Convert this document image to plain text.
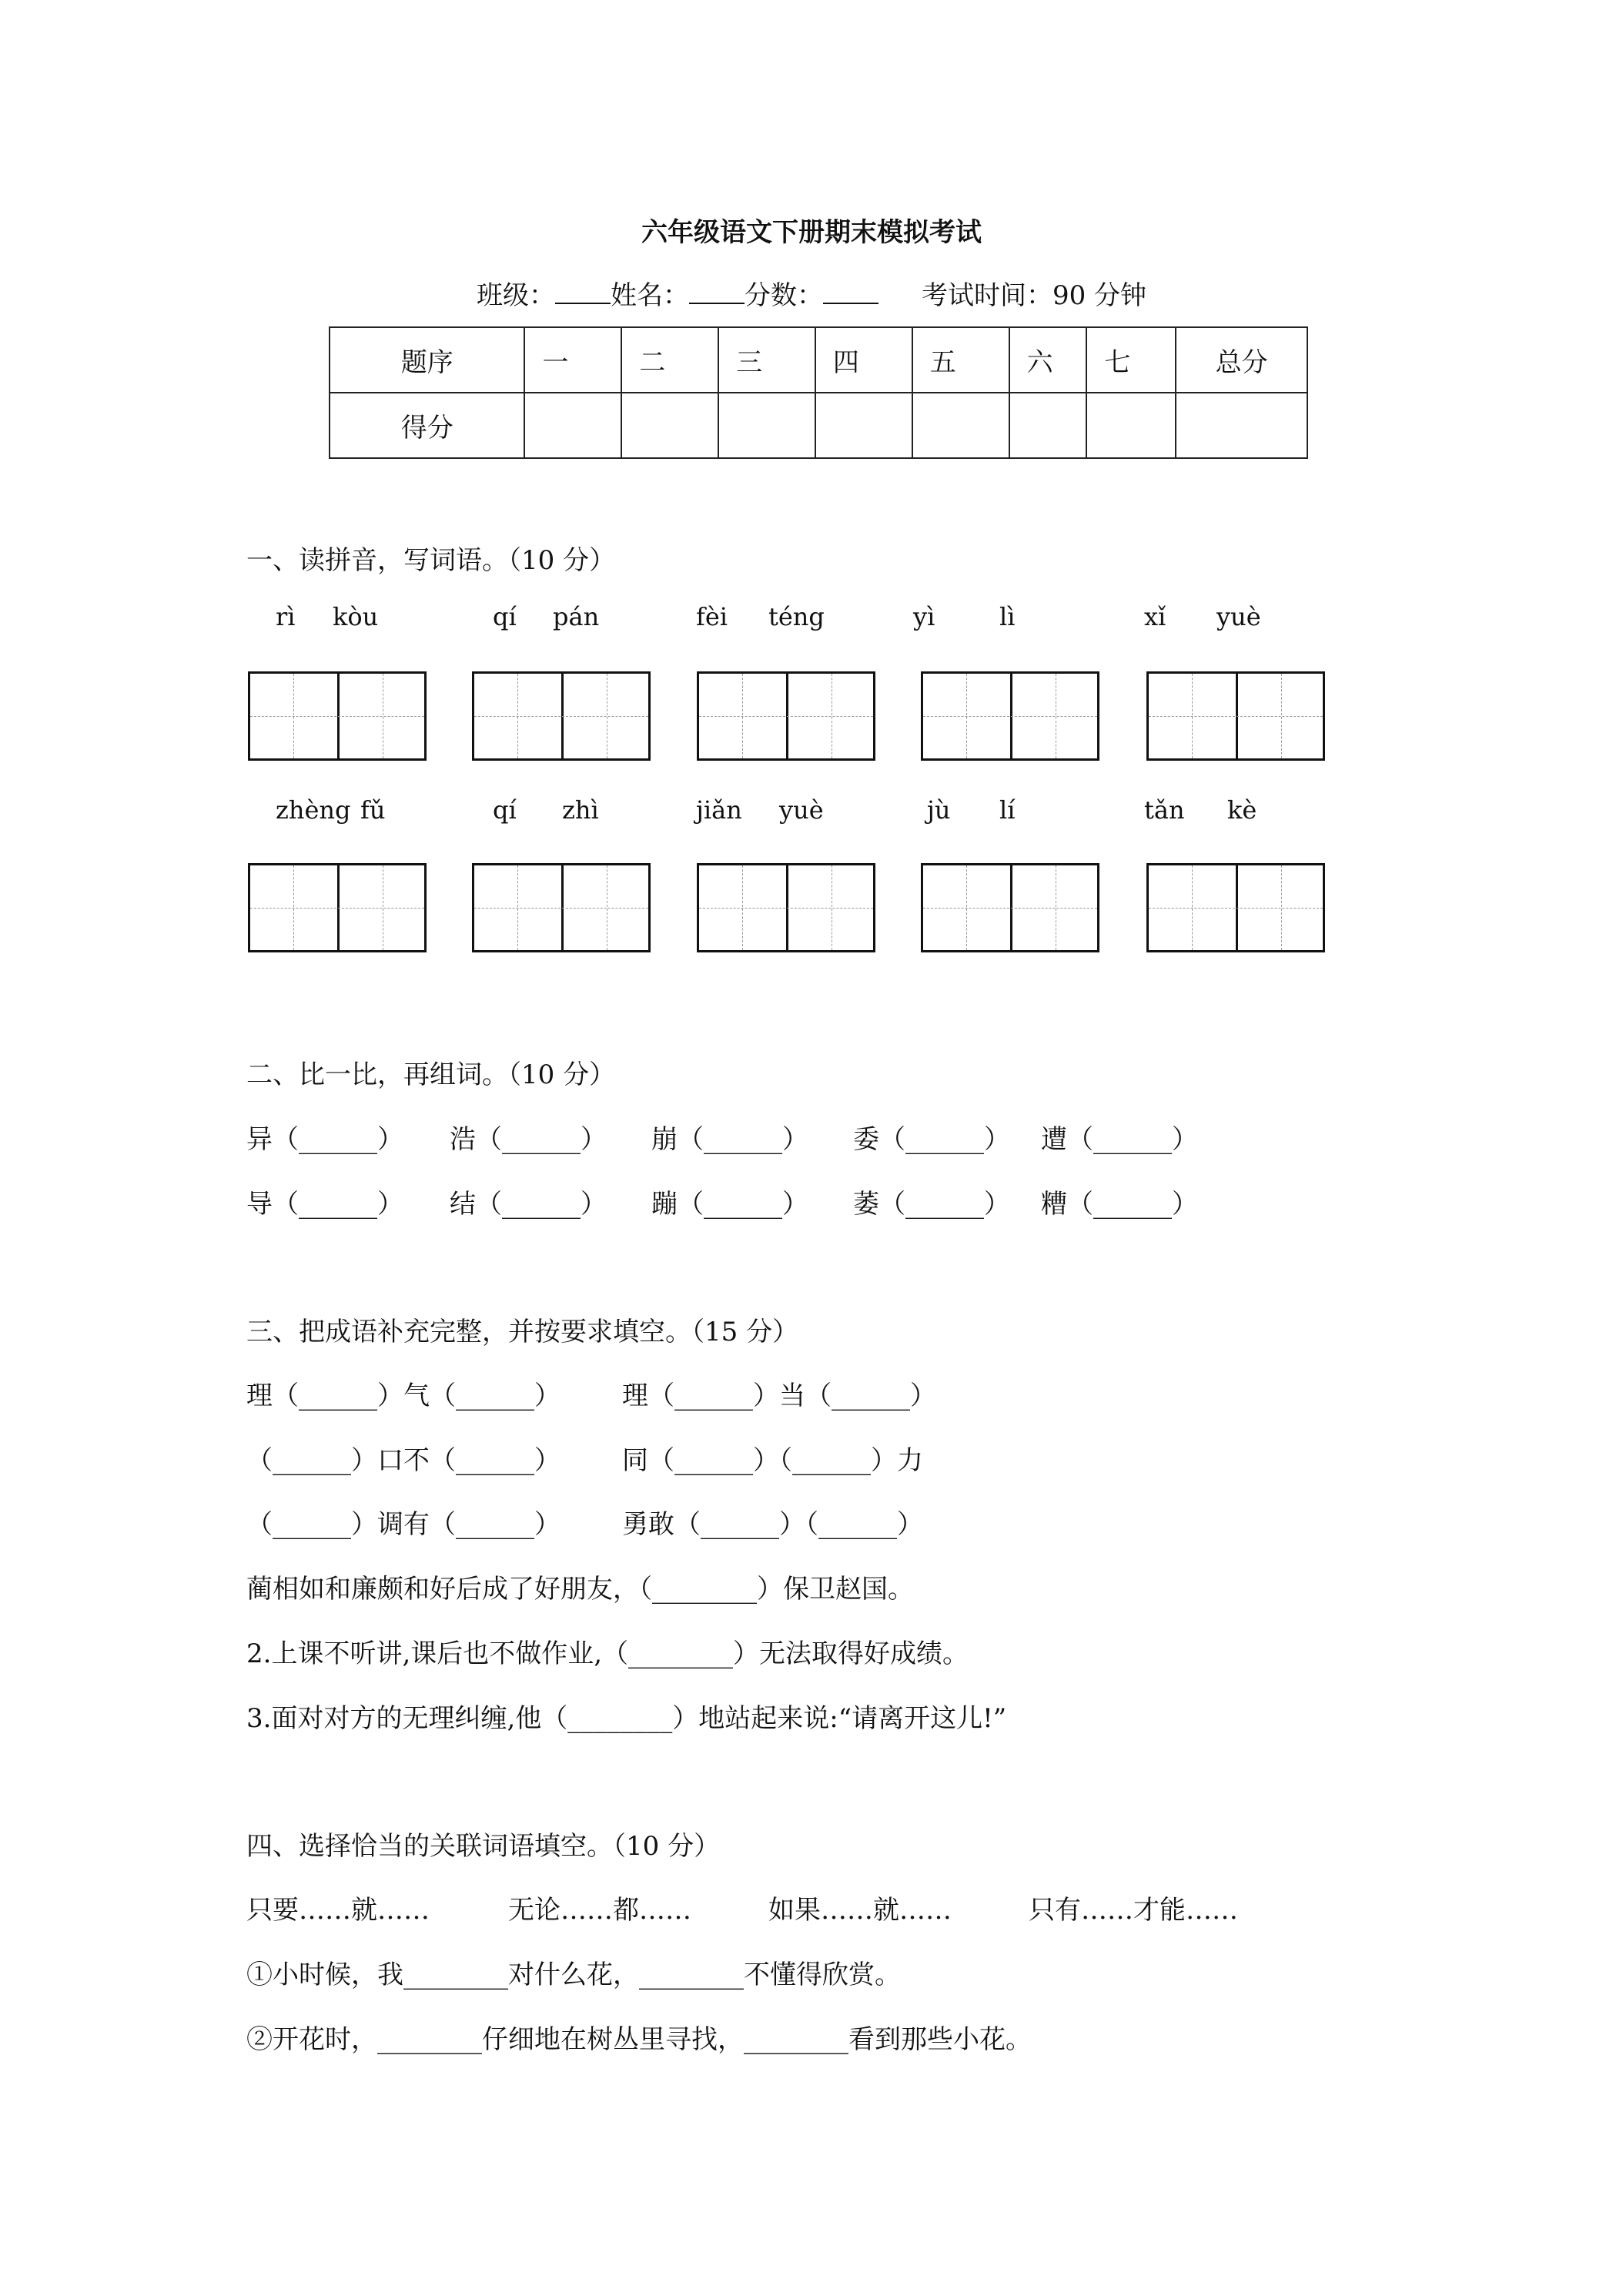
六年级语文下册期末模拟考试
班级： 姓名： 分数：	考试时间：90 分钟
题序	一	二	三	四	五	六	七	总分
得分								
一、读拼音，写词语。（10 分）
rì kòu	qí pán	fèi téng	yì	lì	xǐ yuè
zhèng fǔ	qí zhì	jiǎn yuè	jù lí	tǎn kè
二、比一比，再组词。（10 分）
异（______） 浩（______） 崩（______） 委（______） 遭（______）
导（______） 结（______） 蹦（______） 萎（______） 糟（______）
三、把成语补充完整，并按要求填空。（15 分）
理（______）气（______） 理（______）当（______）
（______）口不（______） 同（______）（______）力
（______）调有（______） 勇敢（______）（______）
蔺相如和廉颇和好后成了好朋友，（________）保卫赵国。
2.上课不听讲,课后也不做作业,（________）无法取得好成绩。
3.面对对方的无理纠缠,他（________）地站起来说:“请离开这儿!”
四、选择恰当的关联词语填空。（10 分）
只要……就……	无论……都……	如果……就……	只有……才能……
①小时候，我________对什么花，________不懂得欣赏。
②开花时，________仔细地在树丛里寻找，________看到那些小花。
